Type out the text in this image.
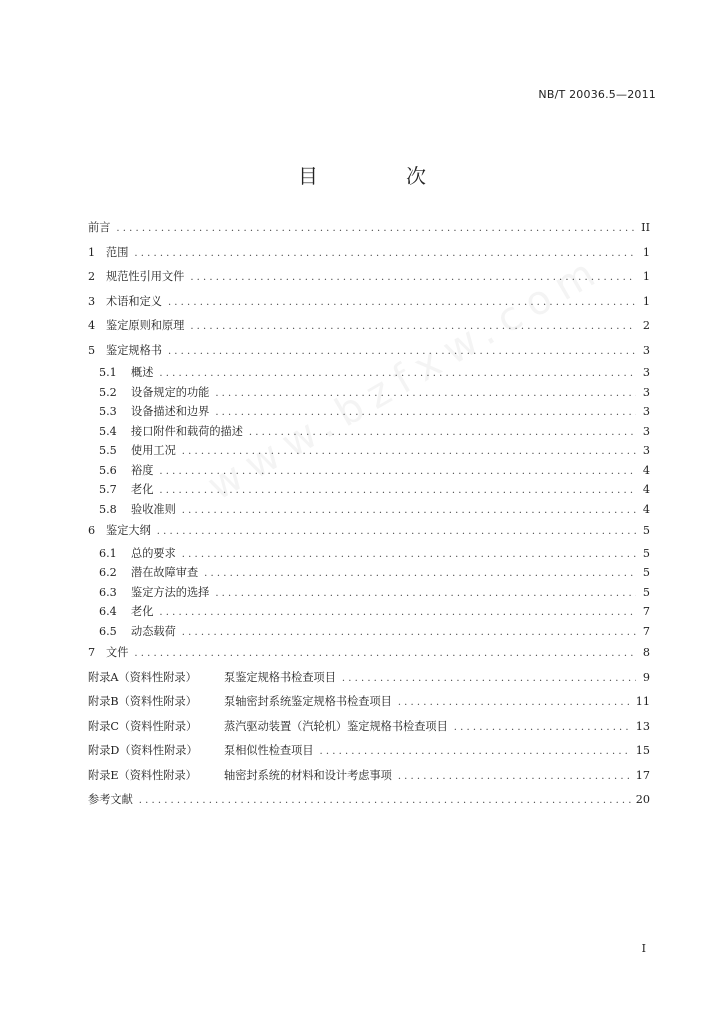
NB/T 20036.5—2011
目　次
前言 . . .	II
1 范围 . . .	1
2 规范性引用文件 . . .	1
3 术语和定义 . . .	1
4 鉴定原则和原理 . . .	2
5 鉴定规格书 . . .	3
5.1	概述 . . .	3
5.2	设备规定的功能 . . .	3
5.3	设备描述和边界 . . .	3
5.4	接口附件和载荷的描述 . . .	3
5.5	使用工况 . . .	3
5.6	裕度 . . .	4
5.7	老化 . . .	4
5.8	验收准则 . . .	4
6 鉴定大纲 . . .	5
6.1	总的要求 . . .	5
6.2	潜在故障审查 . . .	5
6.3	鉴定方法的选择 . . .	5
6.4	老化 . . .	7
6.5	动态载荷 . . .	7
7 文件 . . .	8
附录A（资料性附录）	泵鉴定规格书检查项目 . . .	9
附录B（资料性附录）	泵轴密封系统鉴定规格书检查项目 . . .	11
附录C（资料性附录）	蒸汽驱动装置（汽轮机）鉴定规格书检查项目 . . .	13
附录D（资料性附录）	泵相似性检查项目 . . .	15
附录E（资料性附录）	轴密封系统的材料和设计考虑事项 . . .	17
参考文献 . . .	20
I
